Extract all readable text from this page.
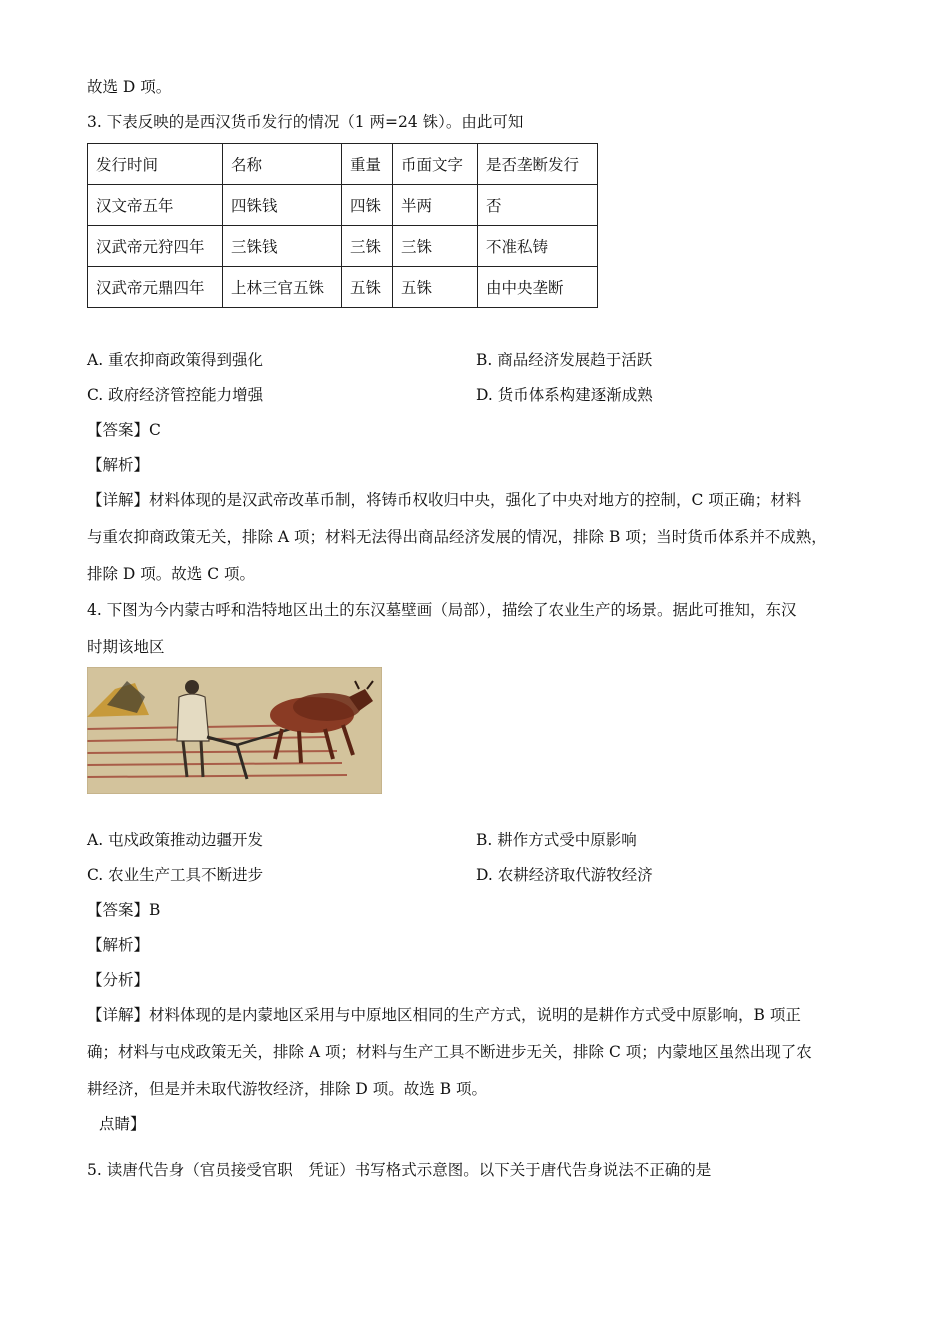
故选 D 项。
3. 下表反映的是西汉货币发行的情况（1 两=24 铢）。由此可知
发行时间	名称	重量	币面文字	是否垄断发行
汉文帝五年	四铢钱	四铢	半两	否
汉武帝元狩四年	三铢钱	三铢	三铢	不准私铸
汉武帝元鼎四年	上林三官五铢	五铢	五铢	由中央垄断
A. 重农抑商政策得到强化	B. 商品经济发展趋于活跃
C. 政府经济管控能力增强	D. 货币体系构建逐渐成熟
【答案】C
【解析】
【详解】材料体现的是汉武帝改革币制，将铸币权收归中央，强化了中央对地方的控制，C 项正确；材料
与重农抑商政策无关，排除 A 项；材料无法得出商品经济发展的情况，排除 B 项；当时货币体系并不成熟，
排除 D 项。故选 C 项。
4. 下图为今内蒙古呼和浩特地区出土的东汉墓壁画（局部），描绘了农业生产的场景。据此可推知，东汉
时期该地区
A. 屯戍政策推动边疆开发	B. 耕作方式受中原影响
C. 农业生产工具不断进步	D. 农耕经济取代游牧经济
【答案】B
【解析】
【分析】
【详解】材料体现的是内蒙地区采用与中原地区相同的生产方式，说明的是耕作方式受中原影响，B 项正
确；材料与屯戍政策无关，排除 A 项；材料与生产工具不断进步无关，排除 C 项；内蒙地区虽然出现了农
耕经济，但是并未取代游牧经济，排除 D 项。故选 B 项。
点睛】
5. 读唐代告身（官员接受官职　凭证）书写格式示意图。以下关于唐代告身说法不正确的是
